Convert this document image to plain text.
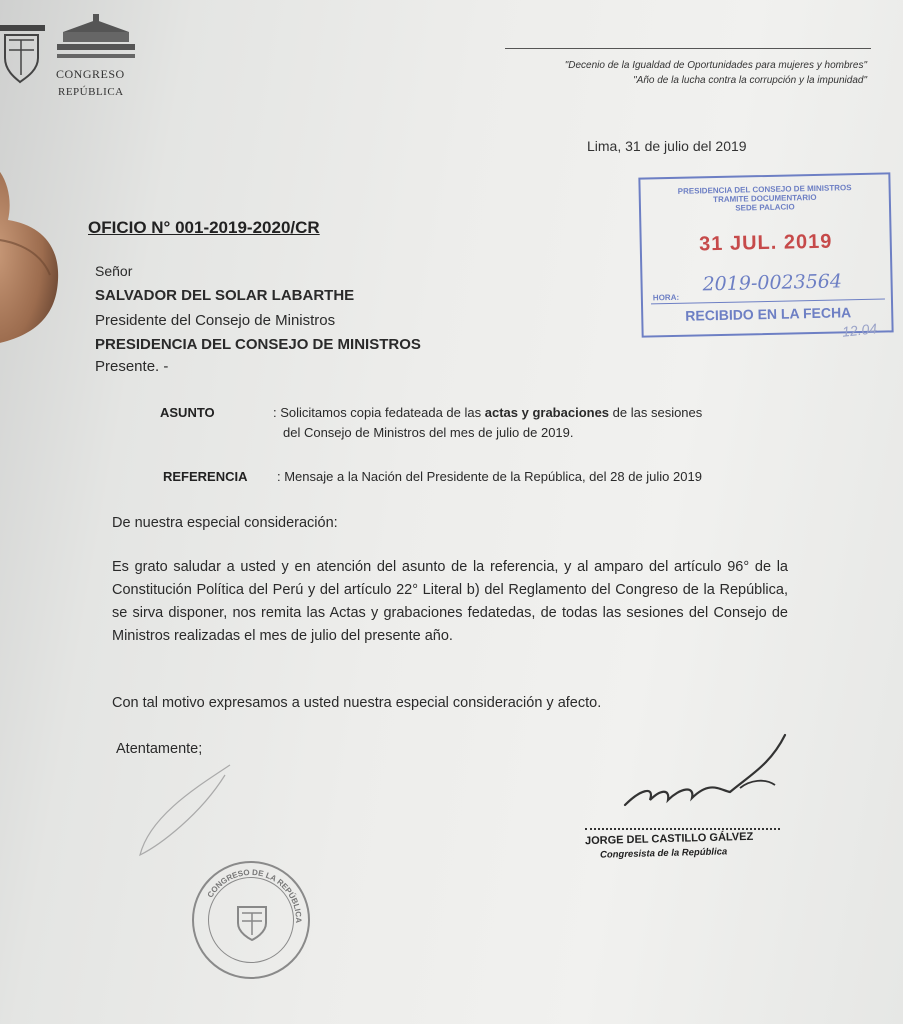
CONGRESO
REPÚBLICA
"Decenio de la Igualdad de Oportunidades para mujeres y hombres"
"Año de la lucha contra la corrupción y la impunidad"
Lima, 31 de julio del 2019
PRESIDENCIA DEL CONSEJO DE MINISTROS
TRAMITE DOCUMENTARIO
SEDE PALACIO
31 JUL. 2019
2019-0023564
HORA:
RECIBIDO EN LA FECHA
12.04
OFICIO N° 001-2019-2020/CR
Señor
SALVADOR DEL SOLAR LABARTHE
Presidente del Consejo de Ministros
PRESIDENCIA DEL CONSEJO DE MINISTROS
Presente. -
ASUNTO	: Solicitamos copia fedateada de las actas y grabaciones de las sesiones
del Consejo de Ministros del mes de julio de 2019.
REFERENCIA : Mensaje a la Nación del Presidente de la República, del 28 de julio 2019
De nuestra especial consideración:
Es grato saludar a usted y en atención del asunto de la referencia, y al amparo del artículo 96° de la Constitución Política del Perú y del artículo 22° Literal b) del Reglamento del Congreso de la República, se sirva disponer, nos remita las Actas y grabaciones fedatedas, de todas las sesiones del Consejo de Ministros realizadas el mes de julio del presente año.
Con tal motivo expresamos a usted nuestra especial consideración y afecto.
Atentamente;
JORGE DEL CASTILLO GÁLVEZ
Congresista de la República
CONGRESO DE LA REPÚBLICA
